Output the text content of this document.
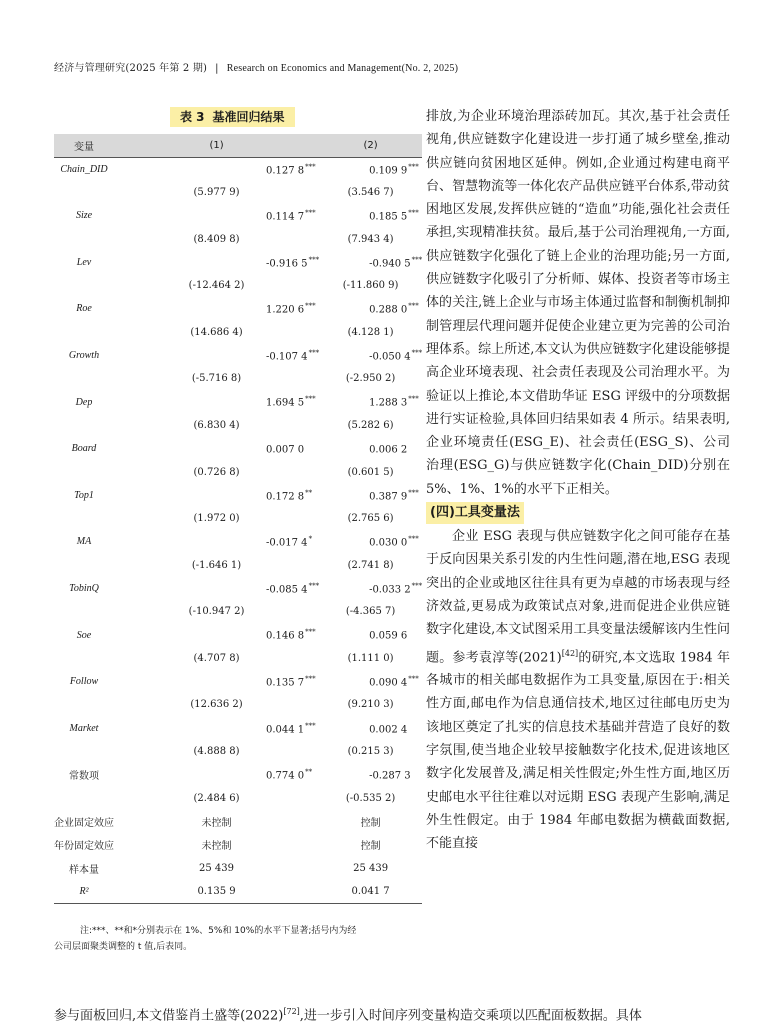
经济与管理研究(2025 年第 2 期) | Research on Economics and Management(No. 2, 2025)
表 3 基准回归结果
变量	(1)	(2)
Chain_DID	0.127 8***	0.109 9***
	(5.977 9)	(3.546 7)
Size	0.114 7***	0.185 5***
	(8.409 8)	(7.943 4)
Lev	-0.916 5***	-0.940 5***
	(-12.464 2)	(-11.860 9)
Roe	1.220 6***	0.288 0***
	(14.686 4)	(4.128 1)
Growth	-0.107 4***	-0.050 4***
	(-5.716 8)	(-2.950 2)
Dep	1.694 5***	1.288 3***
	(6.830 4)	(5.282 6)
Board	0.007 0	0.006 2
	(0.726 8)	(0.601 5)
Top1	0.172 8**	0.387 9***
	(1.972 0)	(2.765 6)
MA	-0.017 4*	0.030 0***
	(-1.646 1)	(2.741 8)
TobinQ	-0.085 4***	-0.033 2***
	(-10.947 2)	(-4.365 7)
Soe	0.146 8***	0.059 6
	(4.707 8)	(1.111 0)
Follow	0.135 7***	0.090 4***
	(12.636 2)	(9.210 3)
Market	0.044 1***	0.002 4
	(4.888 8)	(0.215 3)
常数项	0.774 0**	-0.287 3
	(2.484 6)	(-0.535 2)
企业固定效应	未控制	控制
年份固定效应	未控制	控制
样本量	25 439	25 439
R²	0.135 9	0.041 7
注:***、**和*分别表示在 1%、5%和 10%的水平下显著;括号内为经
公司层面聚类调整的 t 值,后表同。

排放,为企业环境治理添砖加瓦。其次,基于社会责任视角,供应链数字化建设进一步打通了城乡壁垒,推动供应链向贫困地区延伸。例如,企业通过构建电商平台、智慧物流等一体化农产品供应链平台体系,带动贫困地区发展,发挥供应链的“造血”功能,强化社会责任承担,实现精准扶贫。最后,基于公司治理视角,一方面,供应链数字化强化了链上企业的治理功能;另一方面,供应链数字化吸引了分析师、媒体、投资者等市场主体的关注,链上企业与市场主体通过监督和制衡机制抑制管理层代理问题并促使企业建立更为完善的公司治理体系。综上所述,本文认为供应链数字化建设能够提高企业环境表现、社会责任表现及公司治理水平。为验证以上推论,本文借助华证 ESG 评级中的分项数据进行实证检验,具体回归结果如表 4 所示。结果表明,企业环境责任(ESG_E)、社会责任(ESG_S)、公司治理(ESG_G)与供应链数字化(Chain_DID)分别在 5%、1%、1%的水平下正相关。

(四)工具变量法

企业 ESG 表现与供应链数字化之间可能存在基于反向因果关系引发的内生性问题,潜在地,ESG 表现突出的企业或地区往往具有更为卓越的市场表现与经济效益,更易成为政策试点对象,进而促进企业供应链数字化建设,本文试图采用工具变量法缓解该内生性问题。参考袁淳等(2021)[42]的研究,本文选取 1984 年各城市的相关邮电数据作为工具变量,原因在于:相关性方面,邮电作为信息通信技术,地区过往邮电历史为该地区奠定了扎实的信息技术基础并营造了良好的数字氛围,使当地企业较早接触数字化技术,促进该地区数字化发展普及,满足相关性假定;外生性方面,地区历史邮电水平往往难以对远期 ESG 表现产生影响,满足外生性假定。由于 1984 年邮电数据为横截面数据,不能直接

参与面板回归,本文借鉴肖土盛等(2022)[72],进一步引入时间序列变量构造交乘项以匹配面板数据。具体
